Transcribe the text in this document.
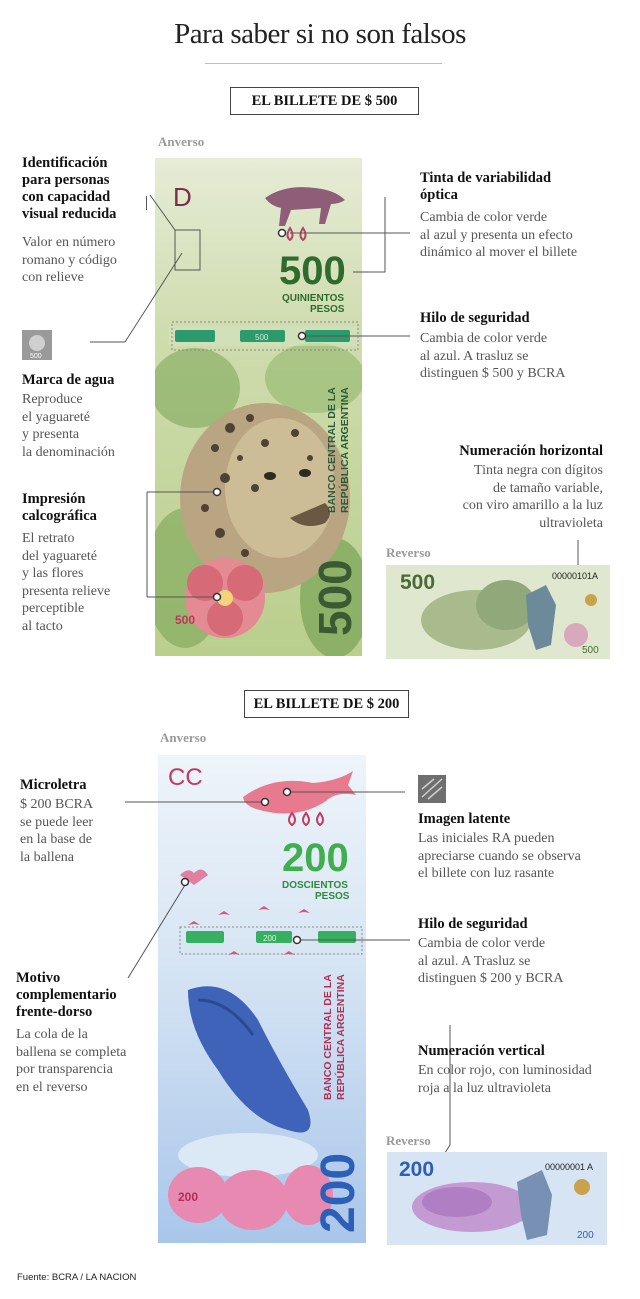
Para saber si no son falsos
EL BILLETE DE $ 500
Anverso
500
QUINIENTOS
PESOS
D
500
BANCO CENTRAL DE LA REPÚBLICA ARGENTINA
500
500
Identificación
para personas
con capacidad
visual reducida
Valor en número
romano y código
con relieve
500
Marca de agua
Reproduce
el yaguareté
y presenta
la denominación
Impresión
calcográfica
El retrato
del yaguareté
y las flores
presenta relieve
perceptible
al tacto
Tinta de variabilidad
óptica
Cambia de color verde
al azul y presenta un efecto
dinámico al mover el billete
Hilo de seguridad
Cambia de color verde
al azul. A trasluz se
distinguen $ 500 y BCRA
Numeración horizontal
Tinta negra con dígitos
de tamaño variable,
con viro amarillo a la luz
ultravioleta
Reverso
500
500
00000101A
EL BILLETE DE $ 200
Anverso
CC
200
DOSCIENTOS
PESOS
200
BANCO CENTRAL DE LA REPÚBLICA ARGENTINA
200
200
Microletra
$ 200 BCRA
se puede leer
en la base de
la ballena
Motivo
complementario
frente-dorso
La cola de la
ballena se completa
por transparencia
en el reverso
Imagen latente
Las iniciales RA pueden
apreciarse cuando se observa
el billete con luz rasante
Hilo de seguridad
Cambia de color verde
al azul. A Trasluz se
distinguen $ 200 y BCRA
Numeración vertical
En color rojo, con luminosidad
roja a la luz ultravioleta
Reverso
200
200
00000001 A
Fuente: BCRA / LA NACION
